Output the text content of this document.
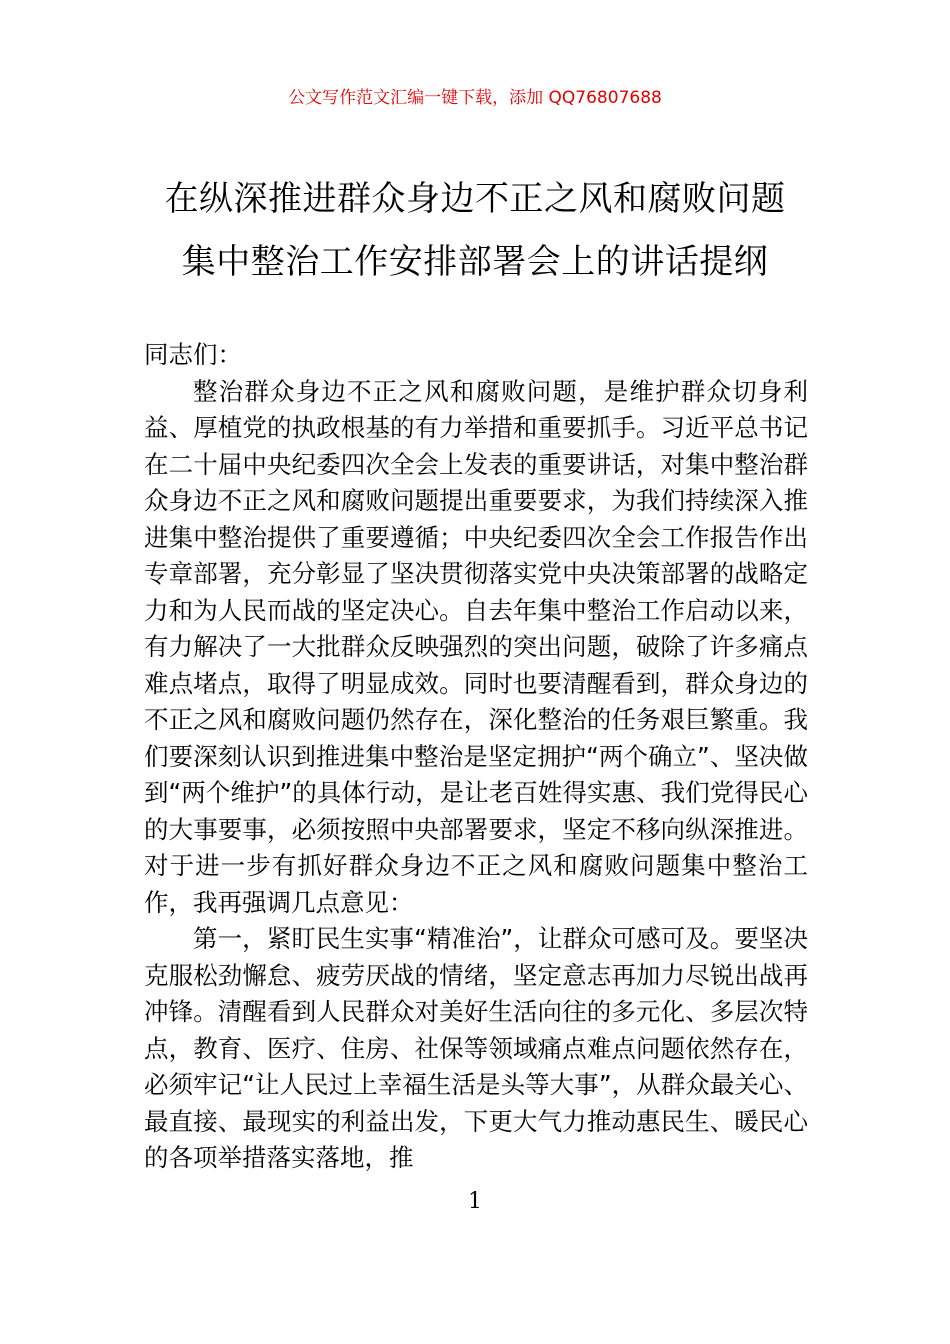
公文写作范文汇编一键下载，添加 QQ76807688
在纵深推进群众身边不正之风和腐败问题
集中整治工作安排部署会上的讲话提纲

同志们：

整治群众身边不正之风和腐败问题，是维护群众切身利益、厚植党的执政根基的有力举措和重要抓手。习近平总书记在二十届中央纪委四次全会上发表的重要讲话，对集中整治群众身边不正之风和腐败问题提出重要要求，为我们持续深入推进集中整治提供了重要遵循；中央纪委四次全会工作报告作出专章部署，充分彰显了坚决贯彻落实党中央决策部署的战略定力和为人民而战的坚定决心。自去年集中整治工作启动以来，有力解决了一大批群众反映强烈的突出问题，破除了许多痛点难点堵点，取得了明显成效。同时也要清醒看到，群众身边的不正之风和腐败问题仍然存在，深化整治的任务艰巨繁重。我们要深刻认识到推进集中整治是坚定拥护“两个确立”、坚决做到“两个维护”的具体行动，是让老百姓得实惠、我们党得民心的大事要事，必须按照中央部署要求，坚定不移向纵深推进。对于进一步有抓好群众身边不正之风和腐败问题集中整治工作，我再强调几点意见：

第一，紧盯民生实事“精准治”，让群众可感可及。要坚决克服松劲懈怠、疲劳厌战的情绪，坚定意志再加力尽锐出战再冲锋。清醒看到人民群众对美好生活向往的多元化、多层次特点，教育、医疗、住房、社保等领域痛点难点问题依然存在，必须牢记“让人民过上幸福生活是头等大事”，从群众最关心、最直接、最现实的利益出发，下更大气力推动惠民生、暖民心的各项举措落实落地，推

1
